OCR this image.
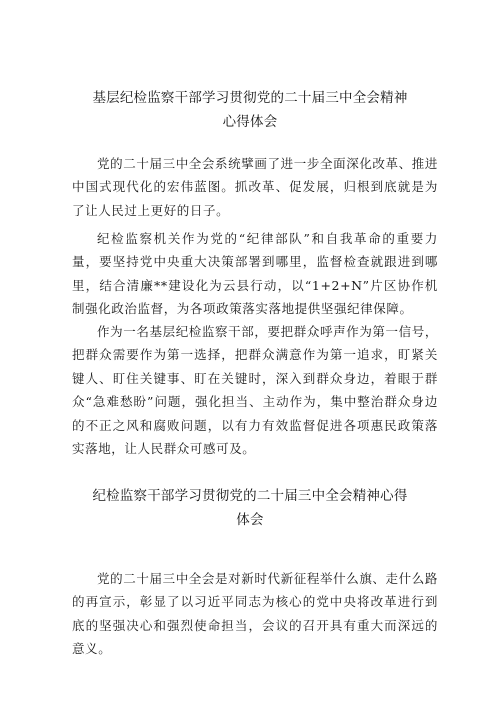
基层纪检监察干部学习贯彻党的二十届三中全会精神
心得体会

党的二十届三中全会系统擘画了进一步全面深化改革、推进中国式现代化的宏伟蓝图。抓改革、促发展，归根到底就是为了让人民过上更好的日子。

纪检监察机关作为党的“纪律部队”和自我革命的重要力量，要坚持党中央重大决策部署到哪里，监督检查就跟进到哪里，结合清廉**建设化为云县行动，以“1+2+N”片区协作机制强化政治监督，为各项政策落实落地提供坚强纪律保障。

作为一名基层纪检监察干部，要把群众呼声作为第一信号，把群众需要作为第一选择，把群众满意作为第一追求，盯紧关键人、盯住关键事、盯在关键时，深入到群众身边，着眼于群众“急难愁盼”问题，强化担当、主动作为，集中整治群众身边的不正之风和腐败问题，以有力有效监督促进各项惠民政策落实落地，让人民群众可感可及。

纪检监察干部学习贯彻党的二十届三中全会精神心得
体会

党的二十届三中全会是对新时代新征程举什么旗、走什么路的再宣示，彰显了以习近平同志为核心的党中央将改革进行到底的坚强决心和强烈使命担当，会议的召开具有重大而深远的意义。
